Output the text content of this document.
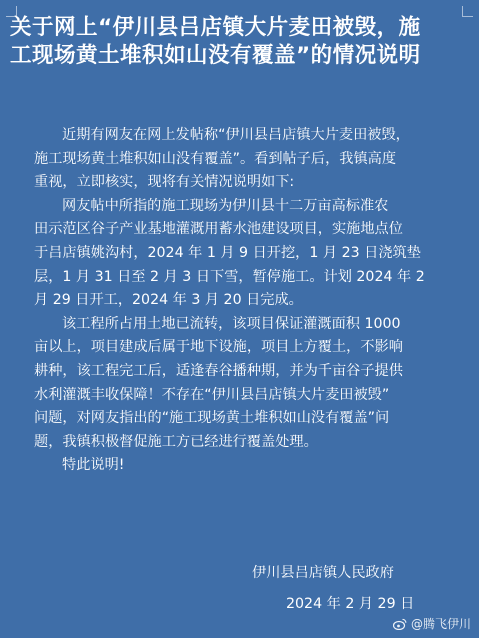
关于网上“伊川县吕店镇大片麦田被毁，施
工现场黄土堆积如山没有覆盖”的情况说明
近期有网友在网上发帖称“伊川县吕店镇大片麦田被毁，
施工现场黄土堆积如山没有覆盖”。看到帖子后，我镇高度
重视，立即核实，现将有关情况说明如下:
网友帖中所指的施工现场为伊川县十二万亩高标准农
田示范区谷子产业基地灌溉用蓄水池建设项目，实施地点位
于吕店镇姚沟村，2024 年 1 月 9 日开挖，1 月 23 日浇筑垫
层，1 月 31 日至 2 月 3 日下雪，暂停施工。计划 2024 年 2
月 29 日开工，2024 年 3 月 20 日完成。
该工程所占用土地已流转，该项目保证灌溉面积 1000
亩以上，项目建成后属于地下设施，项目上方覆土，不影响
耕种，该工程完工后，适逢春谷播种期，并为千亩谷子提供
水利灌溉丰收保障！不存在“伊川县吕店镇大片麦田被毁”
问题，对网友指出的“施工现场黄土堆积如山没有覆盖”问
题，我镇积极督促施工方已经进行覆盖处理。
特此说明!
伊川县吕店镇人民政府
2024 年 2 月 29 日
@腾飞伊川
